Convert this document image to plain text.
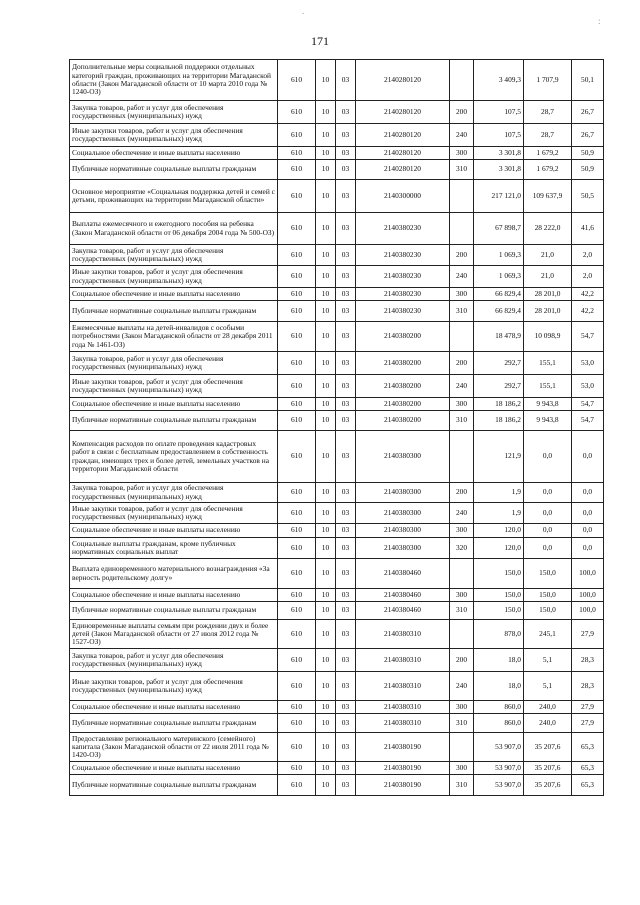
171
.
:
Дополнительные меры социальной поддержки отдельных категорий граждан, проживающих на территории Магаданской области (Закон Магаданской области от 10 марта 2010 года № 1240-ОЗ)	610	10	03	2140280120		3 409,3	1 707,9	50,1
Закупка товаров, работ и услуг для обеспечения государственных (муниципальных) нужд	610	10	03	2140280120	200	107,5	28,7	26,7
Иные закупки товаров, работ и услуг для обеспечения государственных (муниципальных) нужд	610	10	03	2140280120	240	107,5	28,7	26,7
Социальное обеспечение и иные выплаты населению	610	10	03	2140280120	300	3 301,8	1 679,2	50,9
Публичные нормативные социальные выплаты гражданам	610	10	03	2140280120	310	3 301,8	1 679,2	50,9
Основное мероприятие «Социальная поддержка детей и семей с детьми, проживающих на территории Магаданской области»	610	10	03	2140300000		217 121,0	109 637,9	50,5
Выплаты ежемесячного и ежегодного пособия на ребенка (Закон Магаданской области от 06 декабря 2004 года № 500-ОЗ)	610	10	03	2140380230		67 898,7	28 222,0	41,6
Закупка товаров, работ и услуг для обеспечения государственных (муниципальных) нужд	610	10	03	2140380230	200	1 069,3	21,0	2,0
Иные закупки товаров, работ и услуг для обеспечения государственных (муниципальных) нужд	610	10	03	2140380230	240	1 069,3	21,0	2,0
Социальное обеспечение и иные выплаты населению	610	10	03	2140380230	300	66 829,4	28 201,0	42,2
Публичные нормативные социальные выплаты гражданам	610	10	03	2140380230	310	66 829,4	28 201,0	42,2
Ежемесячные выплаты на детей-инвалидов с особыми потребностями (Закон Магаданской области от 28 декабря 2011 года № 1461-ОЗ)	610	10	03	2140380200		18 478,9	10 098,9	54,7
Закупка товаров, работ и услуг для обеспечения государственных (муниципальных) нужд	610	10	03	2140380200	200	292,7	155,1	53,0
Иные закупки товаров, работ и услуг для обеспечения государственных (муниципальных) нужд	610	10	03	2140380200	240	292,7	155,1	53,0
Социальное обеспечение и иные выплаты населению	610	10	03	2140380200	300	18 186,2	9 943,8	54,7
Публичные нормативные социальные выплаты гражданам	610	10	03	2140380200	310	18 186,2	9 943,8	54,7
Компенсация расходов по оплате проведения кадастровых работ в связи с бесплатным предоставлением в собственность граждан, имеющих трех и более детей, земельных участков на территории Магаданской области	610	10	03	2140380300		121,9	0,0	0,0
Закупка товаров, работ и услуг для обеспечения государственных (муниципальных) нужд	610	10	03	2140380300	200	1,9	0,0	0,0
Иные закупки товаров, работ и услуг для обеспечения государственных (муниципальных) нужд	610	10	03	2140380300	240	1,9	0,0	0,0
Социальное обеспечение и иные выплаты населению	610	10	03	2140380300	300	120,0	0,0	0,0
Социальные выплаты гражданам, кроме публичных нормативных социальных выплат	610	10	03	2140380300	320	120,0	0,0	0,0
Выплата единовременного материального вознаграждения «За верность родительскому долгу»	610	10	03	2140380460		150,0	150,0	100,0
Социальное обеспечение и иные выплаты населению	610	10	03	2140380460	300	150,0	150,0	100,0
Публичные нормативные социальные выплаты гражданам	610	10	03	2140380460	310	150,0	150,0	100,0
Единовременные выплаты семьям при рождении двух и более детей (Закон Магаданской области от 27 июля 2012 года № 1527-ОЗ)	610	10	03	2140380310		878,0	245,1	27,9
Закупка товаров, работ и услуг для обеспечения государственных (муниципальных) нужд	610	10	03	2140380310	200	18,0	5,1	28,3
Иные закупки товаров, работ и услуг для обеспечения государственных (муниципальных) нужд	610	10	03	2140380310	240	18,0	5,1	28,3
Социальное обеспечение и иные выплаты населению	610	10	03	2140380310	300	860,0	240,0	27,9
Публичные нормативные социальные выплаты гражданам	610	10	03	2140380310	310	860,0	240,0	27,9
Предоставление регионального материнского (семейного) капитала (Закон Магаданской области от 22 июля 2011 года № 1420-ОЗ)	610	10	03	2140380190		53 907,0	35 207,6	65,3
Социальное обеспечение и иные выплаты населению	610	10	03	2140380190	300	53 907,0	35 207,6	65,3
Публичные нормативные социальные выплаты гражданам	610	10	03	2140380190	310	53 907,0	35 207,6	65,3
